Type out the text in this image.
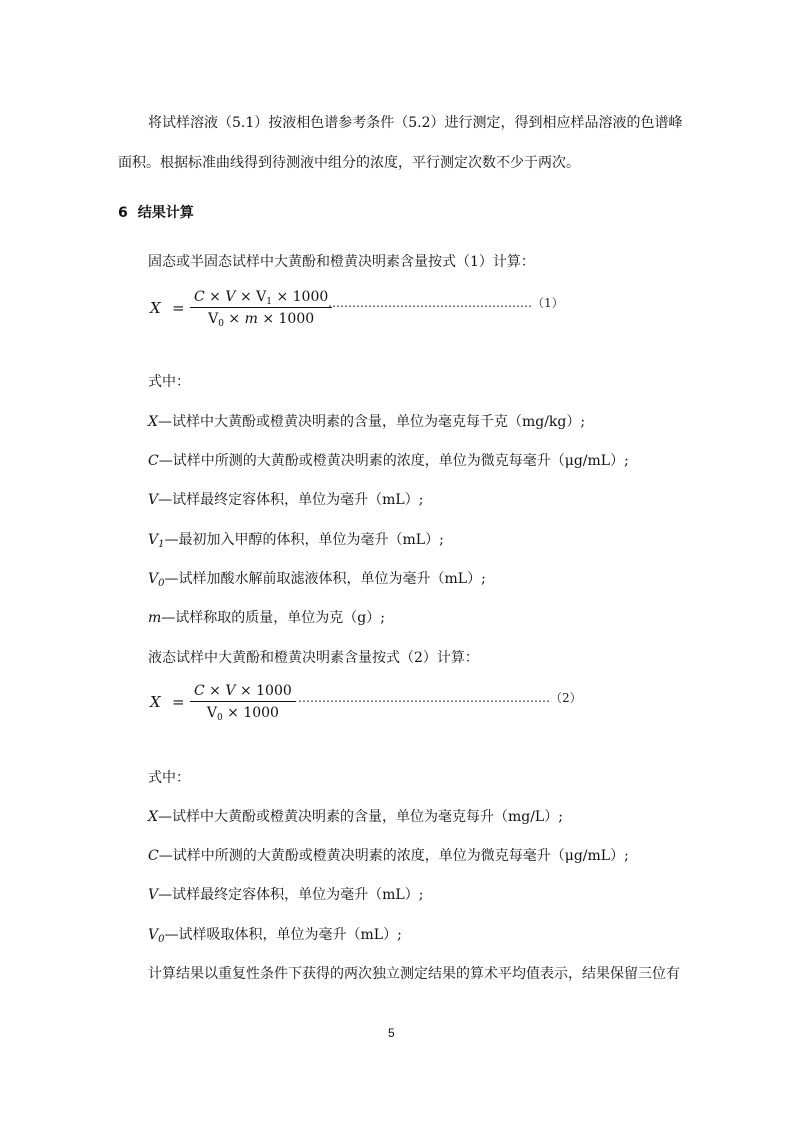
将试样溶液（5.1）按液相色谱参考条件（5.2）进行测定，得到相应样品溶液的色谱峰
面积。根据标准曲线得到待测液中组分的浓度，平行测定次数不少于两次。
6 结果计算
固态或半固态试样中大黄酚和橙黄决明素含量按式（1）计算：
X =
$C \times V \times V_1 \times 1000$
$V_0 \times m \times 1000$
……………………………………………（1）
式中：
X—试样中大黄酚或橙黄决明素的含量，单位为毫克每千克（mg/kg）;
C—试样中所测的大黄酚或橙黄决明素的浓度，单位为微克每毫升（μg/mL）;
V—试样最终定容体积，单位为毫升（mL）;
$V_1—$最初加入甲醇的体积，单位为毫升（mL）;
$V_0—$试样加酸水解前取滤液体积，单位为毫升（mL）;
m—试样称取的质量，单位为克（g）;
液态试样中大黄酚和橙黄决明素含量按式（2）计算：
X =
C × V × 1000
$V_0 \times 1000$
………………………………………………………（2）
式中：
X—试样中大黄酚或橙黄决明素的含量，单位为毫克每升（mg/L）;
C—试样中所测的大黄酚或橙黄决明素的浓度，单位为微克每毫升（μg/mL）;
V—试样最终定容体积，单位为毫升（mL）;
$V_0—$试样吸取体积，单位为毫升（mL）;
计算结果以重复性条件下获得的两次独立测定结果的算术平均值表示，结果保留三位有
5
